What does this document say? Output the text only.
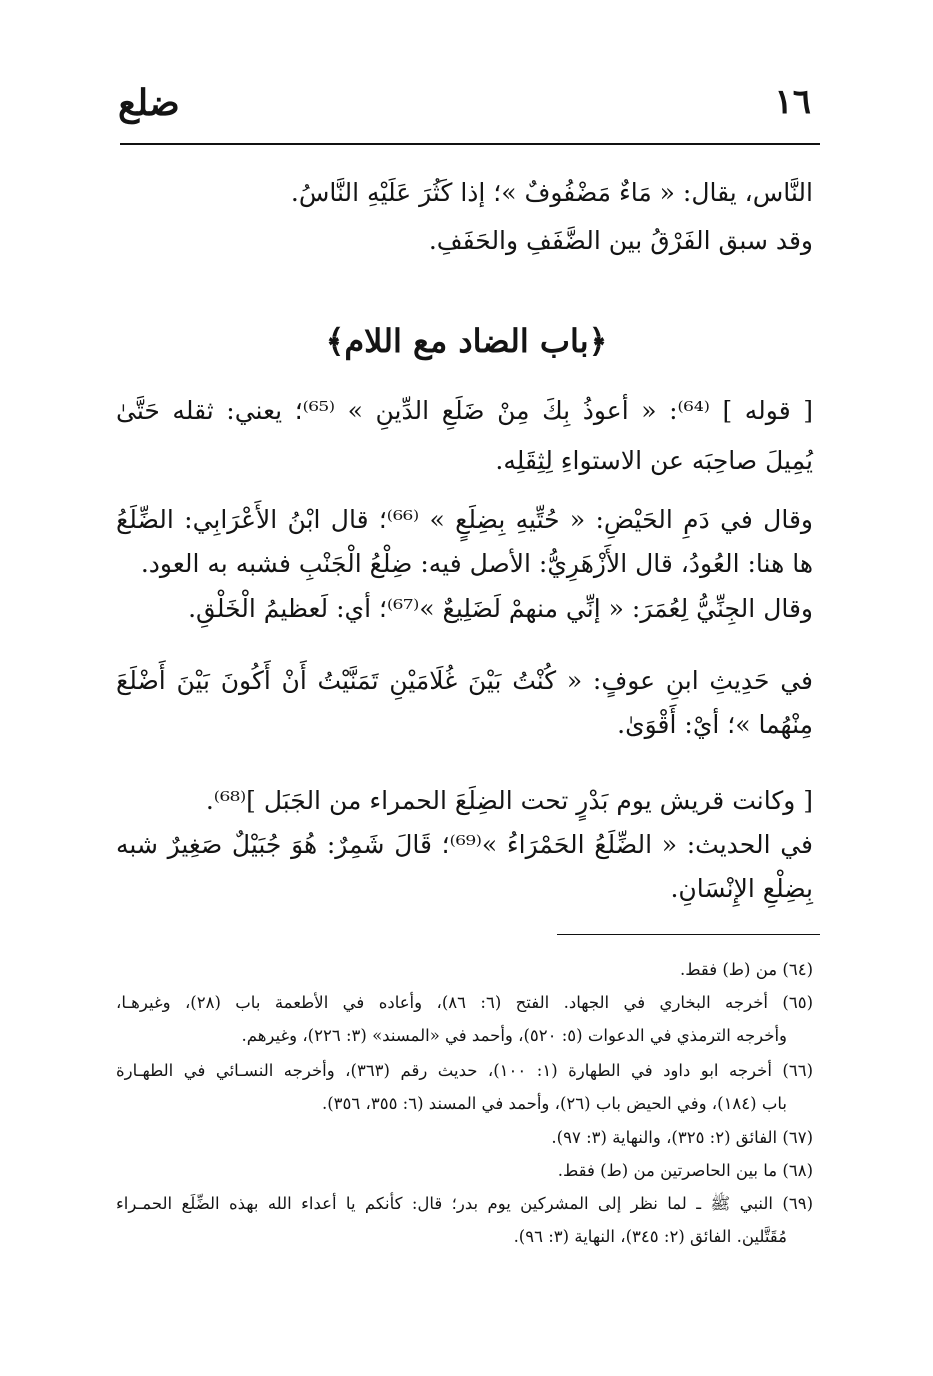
١٦
ضلع
النَّاس، يقال: « مَاءٌ مَضْفُوفٌ »؛ إذا كَثُرَ عَلَيْهِ النَّاسُ.
وقد سبق الفَرْقُ بين الضَّفَفِ والحَفَفِ.
﴿باب الضاد مع اللام﴾
[ قوله ] ⁽⁶⁴⁾: « أعوذُ بِكَ مِنْ ضَلَعِ الدِّينِ » ⁽⁶⁵⁾؛ يعني: ثقله حَتَّىٰ
يُمِيلَ صاحِبَه عن الاستواءِ لِثِقَلِه.
وقال في دَمِ الحَيْضِ: « حُتِّيهِ بِضِلَعٍ » ⁽⁶⁶⁾؛ قال ابْنُ الأَعْرَابِي: الضِّلَعُ
ها هنا: العُودُ، قال الأَزْهَرِيُّ: الأصل فيه: ضِلْعُ الْجَنْبِ فشبه به العود.
وقال الجِنِّيُّ لِعُمَرَ: « إنِّي منهمْ لَضَلِيعٌ »⁽⁶⁷⁾؛ أي: لَعظيمُ الْخَلْقِ.
في حَدِيثِ ابنِ عوفٍ: « كُنْتُ بَيْنَ غُلَامَيْنِ تَمَنَّيْتُ أَنْ أَكُونَ بَيْنَ أَضْلَعَ
مِنْهُما »؛ أيْ: أَقْوَىٰ.
[ وكانت قريش يوم بَدْرٍ تحت الضِلَعَ الحمراء من الجَبَل ]⁽⁶⁸⁾.
في الحديث: « الضِّلَعُ الحَمْرَاءُ »⁽⁶⁹⁾؛ قَالَ شَمِرٌ: هُوَ جُبَيْلٌ صَغِيرٌ شبه
بِضِلْعِ الإِنْسَانِ.
(٦٤) من (ط) فقط.
(٦٥) أخرجه البخاري في الجهاد. الفتح (٦: ٨٦)، وأعاده في الأطعمة باب (٢٨)، وغيرهـا،
وأخرجه الترمذي في الدعوات (٥: ٥٢٠)، وأحمد في «المسند» (٣: ٢٢٦)، وغيرهم.
(٦٦) أخرجه ابو داود في الطهارة (١: ١٠٠)، حديث رقم (٣٦٣)، وأخرجه النسـائي في الطهـارة
باب (١٨٤)، وفي الحيض باب (٢٦)، وأحمد في المسند (٦: ٣٥٥، ٣٥٦).
(٦٧) الفائق (٢: ٣٢٥)، والنهاية (٣: ٩٧).
(٦٨) ما بين الحاصرتين من (ط) فقط.
(٦٩) النبي ﷺ ـ لما نظر إلى المشركين يوم بدر؛ قال: كأنكم يا أعداء الله بهذه الضِّلَع الحمـراء
مُقَتَّلين. الفائق (٢: ٣٤٥)، النهاية (٣: ٩٦).
